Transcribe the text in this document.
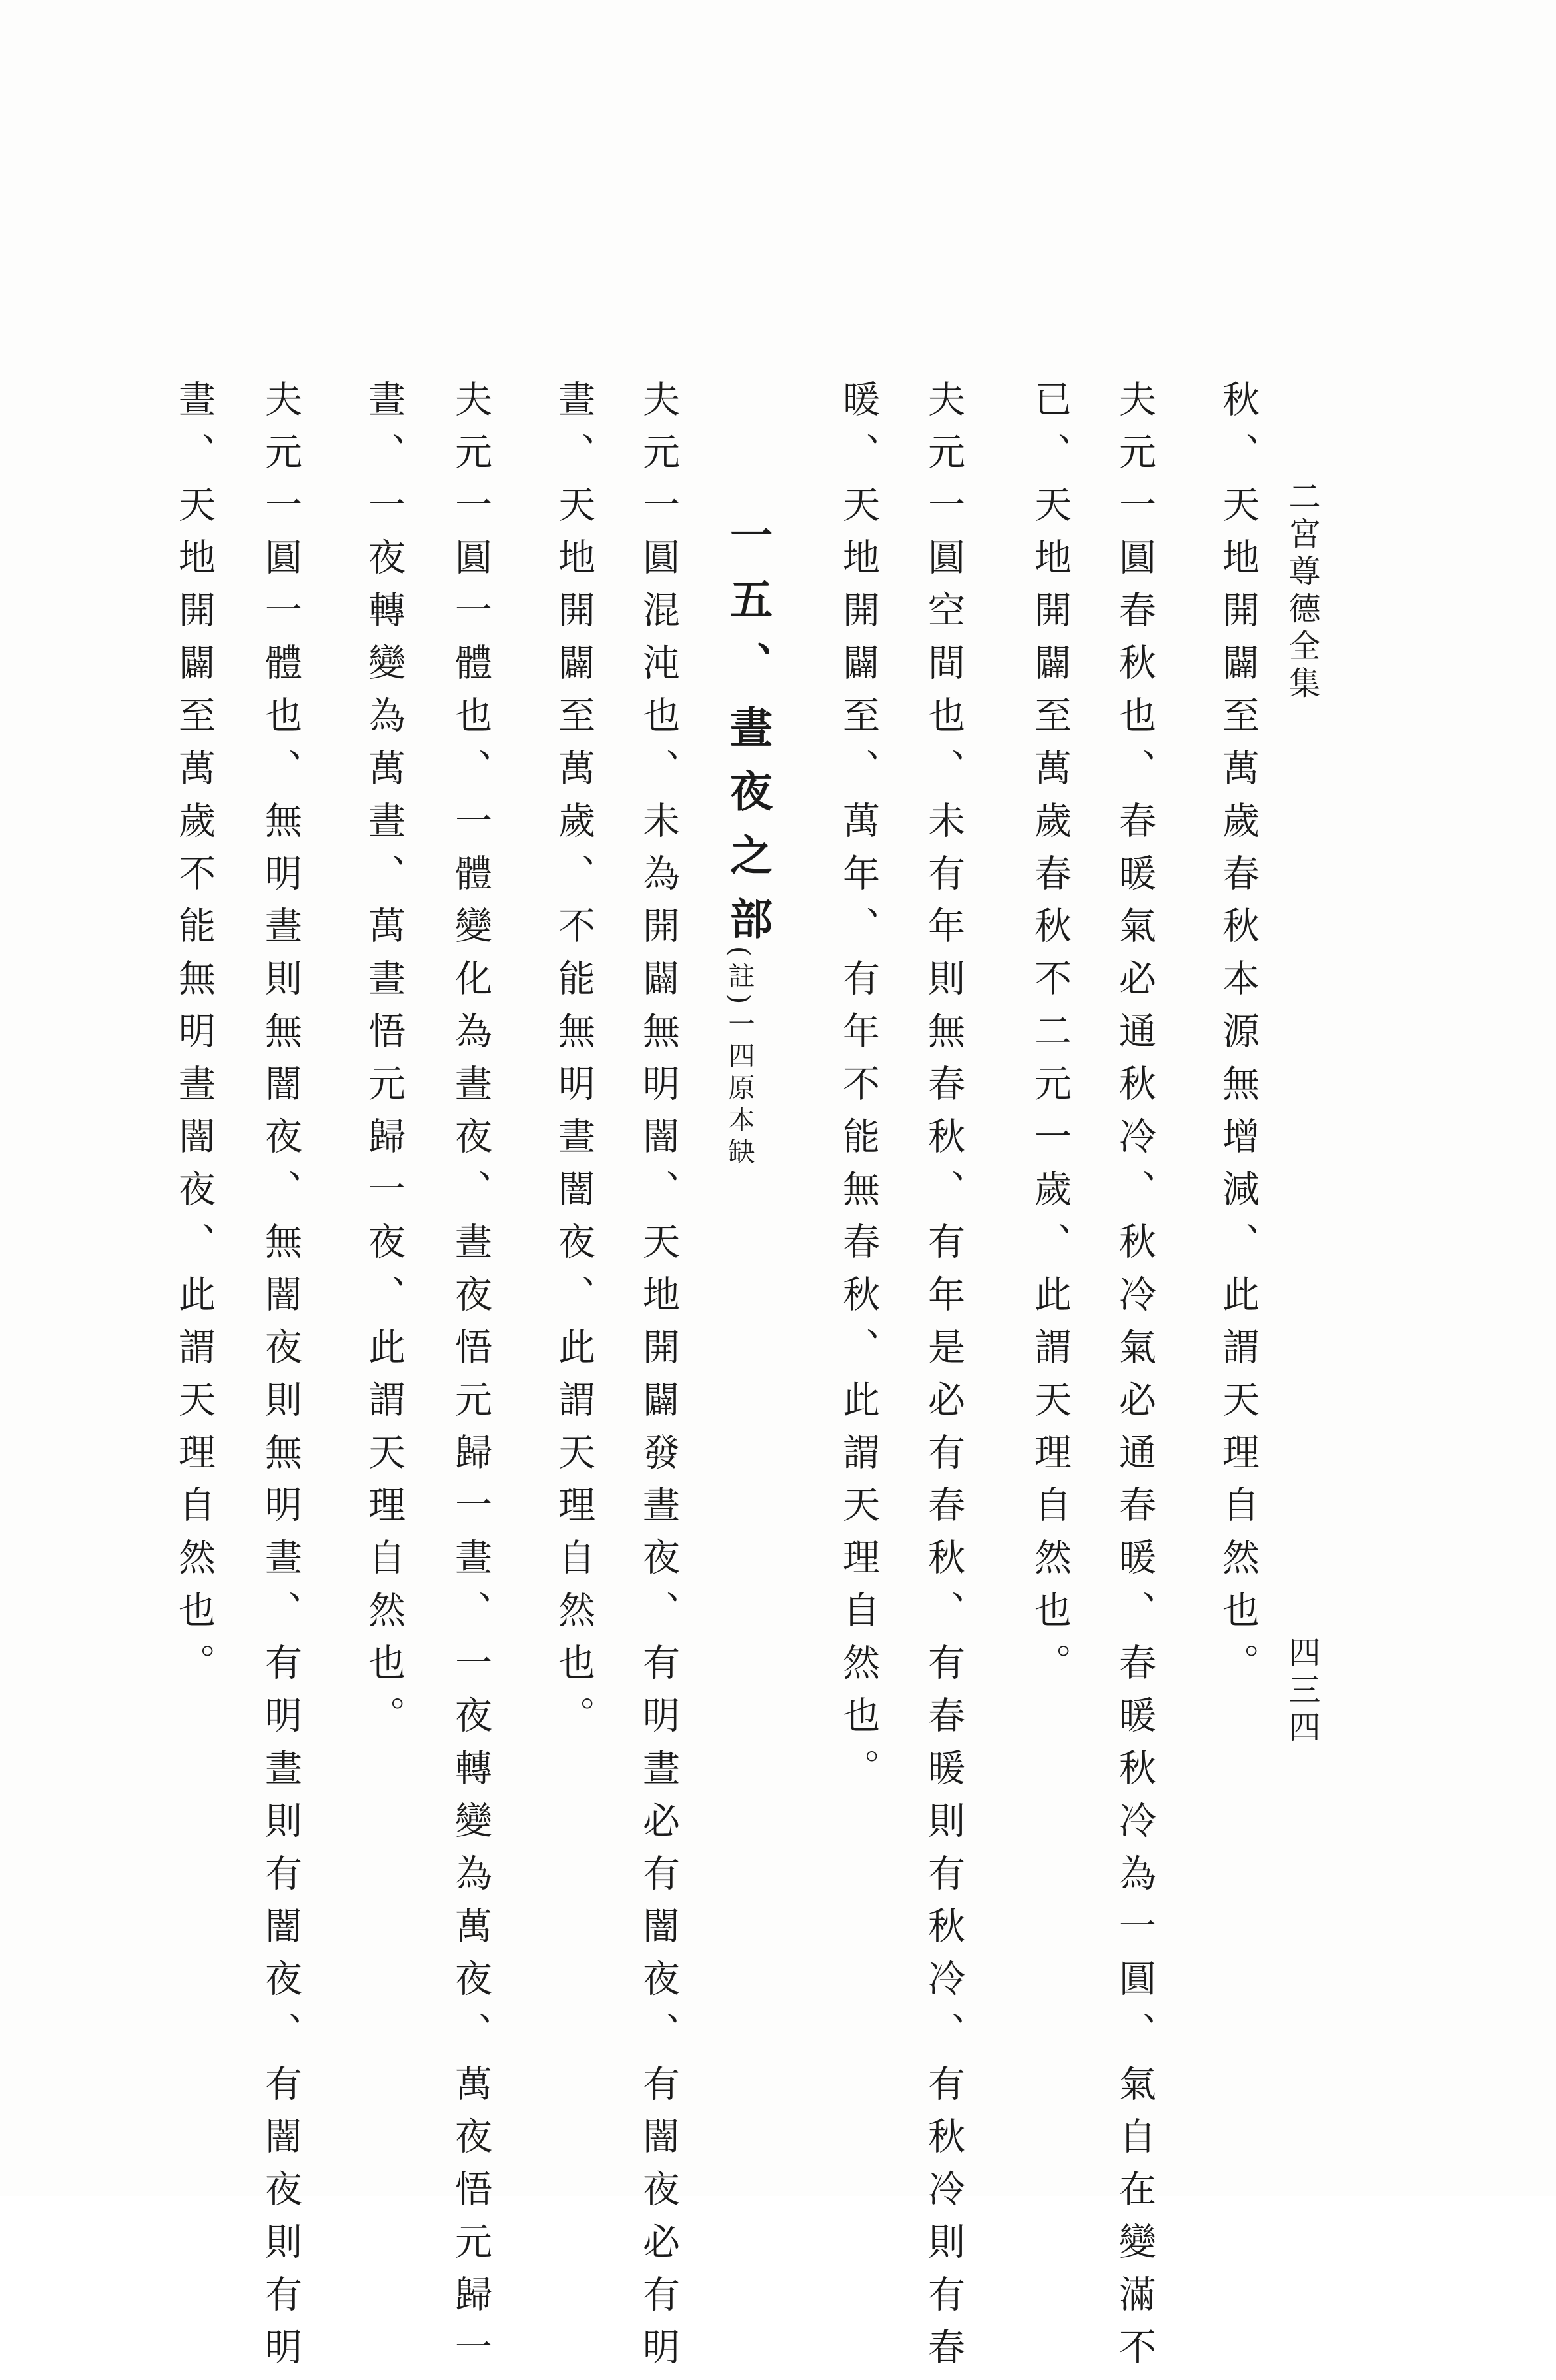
二宮尊德全集
四三四
秋、天地開闢至萬歲春秋本源無增減、此謂天理自然也。
夫元一圓春秋也、春暖氣必通秋冷、秋冷氣必通春暖、春暖秋冷為一圓、氣自在變滿不
已、天地開闢至萬歲春秋不二元一歲、此謂天理自然也。
夫元一圓空間也、未有年則無春秋、有年是必有春秋、有春暖則有秋冷、有秋冷則有春
暖、天地開闢至、萬年、有年不能無春秋、此謂天理自然也。
一五、晝夜之部
(註)一四原本缺
夫元一圓混沌也、未為開闢無明闇、天地開闢發晝夜、有明晝必有闇夜、有闇夜必有明
晝、天地開闢至萬歲、不能無明晝闇夜、此謂天理自然也。
夫元一圓一體也、一體變化為晝夜、晝夜悟元歸一晝、一夜轉變為萬夜、萬夜悟元歸一
晝、一夜轉變為萬晝、萬晝悟元歸一夜、此謂天理自然也。
夫元一圓一體也、無明晝則無闇夜、無闇夜則無明晝、有明晝則有闇夜、有闇夜則有明
晝、天地開闢至萬歲不能無明晝闇夜、此謂天理自然也。
